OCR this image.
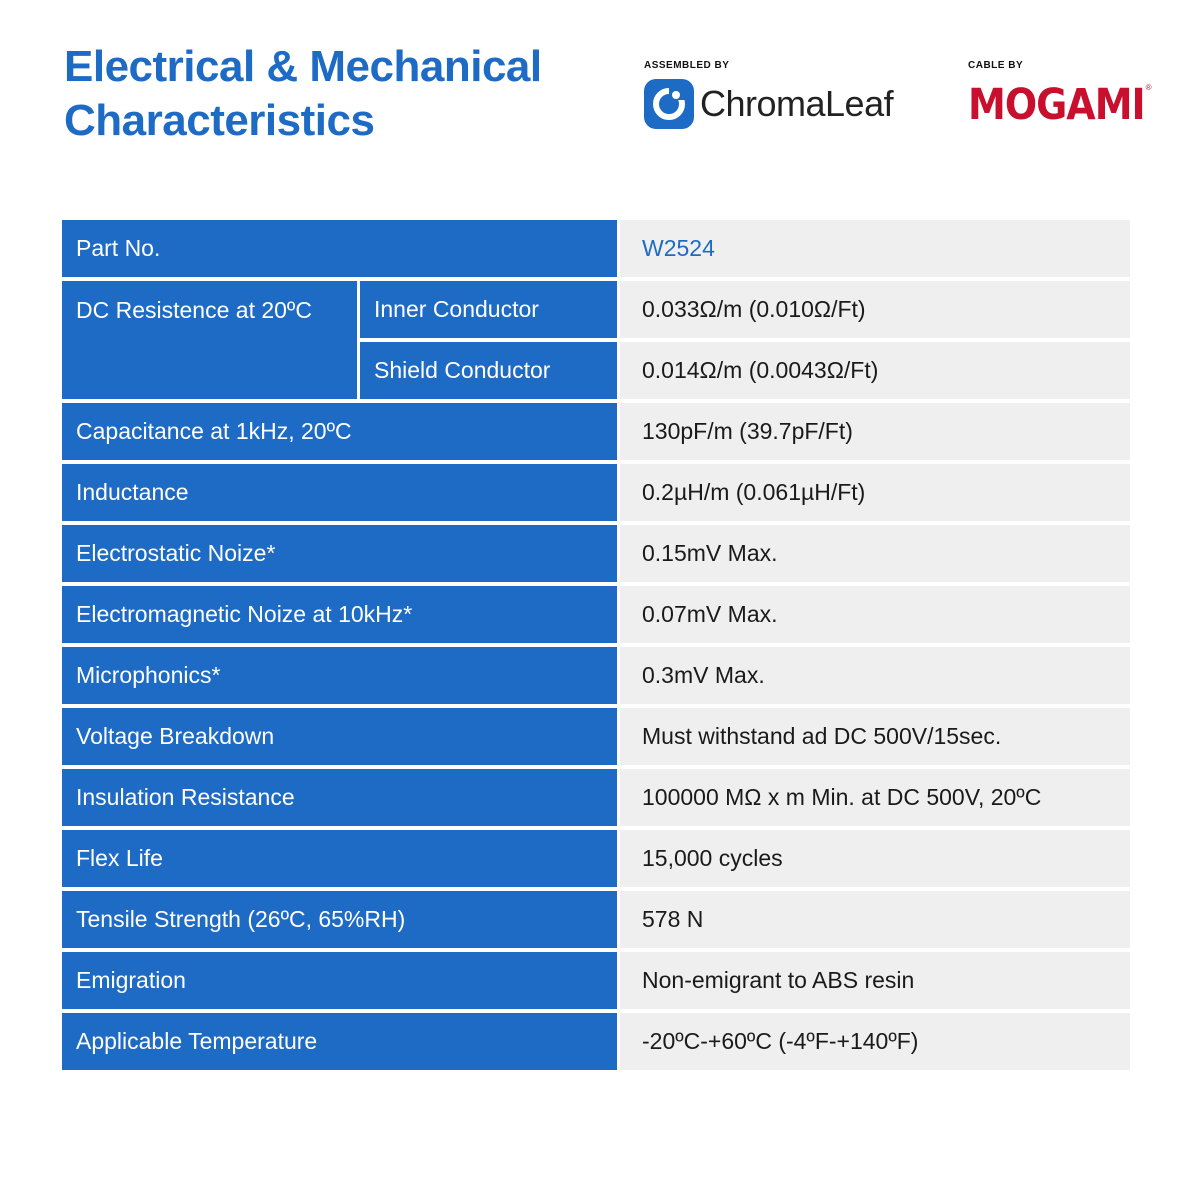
Electrical & Mechanical
Characteristics
ASSEMBLED BY
ChromaLeaf
CABLE BY
MOGAMI ®
Part No.	W2524
DC Resistence at 20ºC	Inner Conductor	0.033Ω/m (0.010Ω/Ft)
Shield Conductor	0.014Ω/m (0.0043Ω/Ft)
Capacitance at 1kHz, 20ºC	130pF/m (39.7pF/Ft)
Inductance	0.2µH/m (0.061µH/Ft)
Electrostatic Noize*	0.15mV Max.
Electromagnetic Noize at 10kHz*	0.07mV Max.
Microphonics*	0.3mV Max.
Voltage Breakdown	Must withstand ad DC 500V/15sec.
Insulation Resistance	100000 MΩ x m Min. at DC 500V, 20ºC
Flex Life	15,000 cycles
Tensile Strength (26ºC, 65%RH)	578 N
Emigration	Non-emigrant to ABS resin
Applicable Temperature	-20ºC-+60ºC (-4ºF-+140ºF)
